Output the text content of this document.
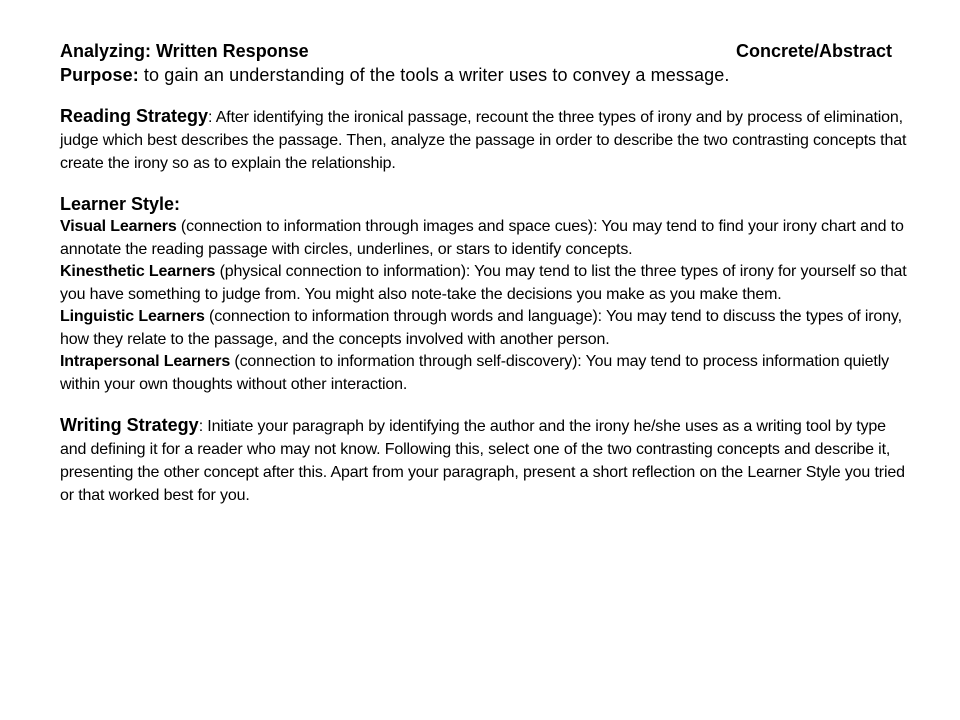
Analyzing: Written Response	Concrete/Abstract
Purpose: to gain an understanding of the tools a writer uses to convey a message.
Reading Strategy: After identifying the ironical passage, recount the three types of irony and by process of elimination, judge which best describes the passage. Then, analyze the passage in order to describe the two contrasting concepts that create the irony so as to explain the relationship.
Learner Style:
Visual Learners (connection to information through images and space cues): You may tend to find your irony chart and to annotate the reading passage with circles, underlines, or stars to identify concepts.
Kinesthetic Learners (physical connection to information): You may tend to list the three types of irony for yourself so that you have something to judge from. You might also note-take the decisions you make as you make them.
Linguistic Learners (connection to information through words and language): You may tend to discuss the types of irony, how they relate to the passage, and the concepts involved with another person.
Intrapersonal Learners (connection to information through self-discovery): You may tend to process information quietly within your own thoughts without other interaction.
Writing Strategy: Initiate your paragraph by identifying the author and the irony he/she uses as a writing tool by type and defining it for a reader who may not know. Following this, select one of the two contrasting concepts and describe it, presenting the other concept after this. Apart from your paragraph, present a short reflection on the Learner Style you tried or that worked best for you.
